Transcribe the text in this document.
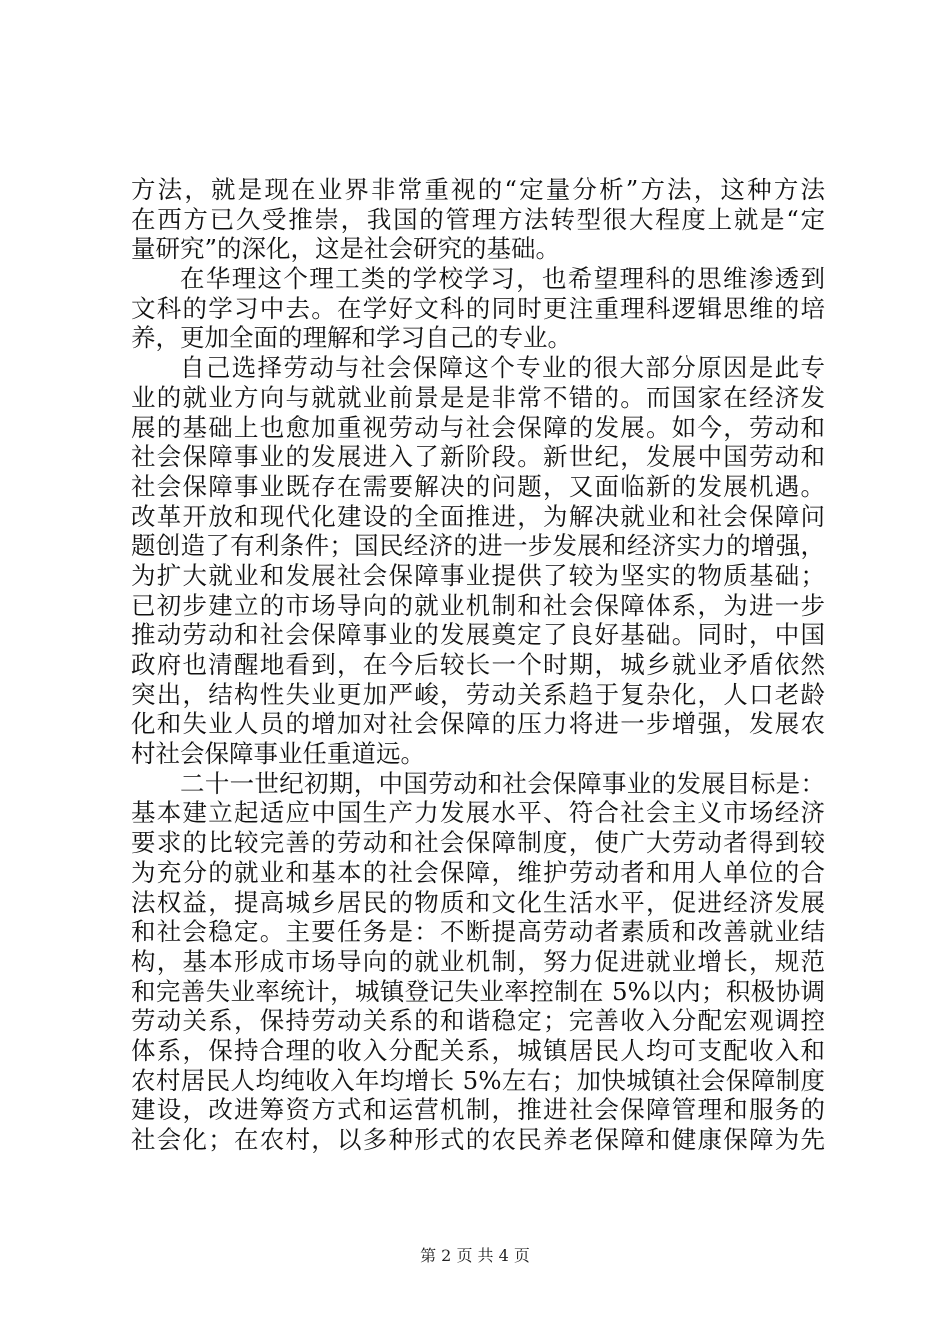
方法，就是现在业界非常重视的“定量分析”方法，这种方法
在西方已久受推崇，我国的管理方法转型很大程度上就是“定
量研究”的深化，这是社会研究的基础。
在华理这个理工类的学校学习，也希望理科的思维渗透到
文科的学习中去。在学好文科的同时更注重理科逻辑思维的培
养，更加全面的理解和学习自己的专业。
自己选择劳动与社会保障这个专业的很大部分原因是此专
业的就业方向与就就业前景是是非常不错的。而国家在经济发
展的基础上也愈加重视劳动与社会保障的发展。如今，劳动和
社会保障事业的发展进入了新阶段。新世纪，发展中国劳动和
社会保障事业既存在需要解决的问题，又面临新的发展机遇。
改革开放和现代化建设的全面推进，为解决就业和社会保障问
题创造了有利条件；国民经济的进一步发展和经济实力的增强，
为扩大就业和发展社会保障事业提供了较为坚实的物质基础；
已初步建立的市场导向的就业机制和社会保障体系，为进一步
推动劳动和社会保障事业的发展奠定了良好基础。同时，中国
政府也清醒地看到，在今后较长一个时期，城乡就业矛盾依然
突出，结构性失业更加严峻，劳动关系趋于复杂化，人口老龄
化和失业人员的增加对社会保障的压力将进一步增强，发展农
村社会保障事业任重道远。
二十一世纪初期，中国劳动和社会保障事业的发展目标是：
基本建立起适应中国生产力发展水平、符合社会主义市场经济
要求的比较完善的劳动和社会保障制度，使广大劳动者得到较
为充分的就业和基本的社会保障，维护劳动者和用人单位的合
法权益，提高城乡居民的物质和文化生活水平，促进经济发展
和社会稳定。主要任务是：不断提高劳动者素质和改善就业结
构，基本形成市场导向的就业机制，努力促进就业增长，规范
和完善失业率统计，城镇登记失业率控制在 5%以内；积极协调
劳动关系，保持劳动关系的和谐稳定；完善收入分配宏观调控
体系，保持合理的收入分配关系，城镇居民人均可支配收入和
农村居民人均纯收入年均增长 5%左右；加快城镇社会保障制度
建设，改进筹资方式和运营机制，推进社会保障管理和服务的
社会化；在农村，以多种形式的农民养老保障和健康保障为先
第 2 页 共 4 页
